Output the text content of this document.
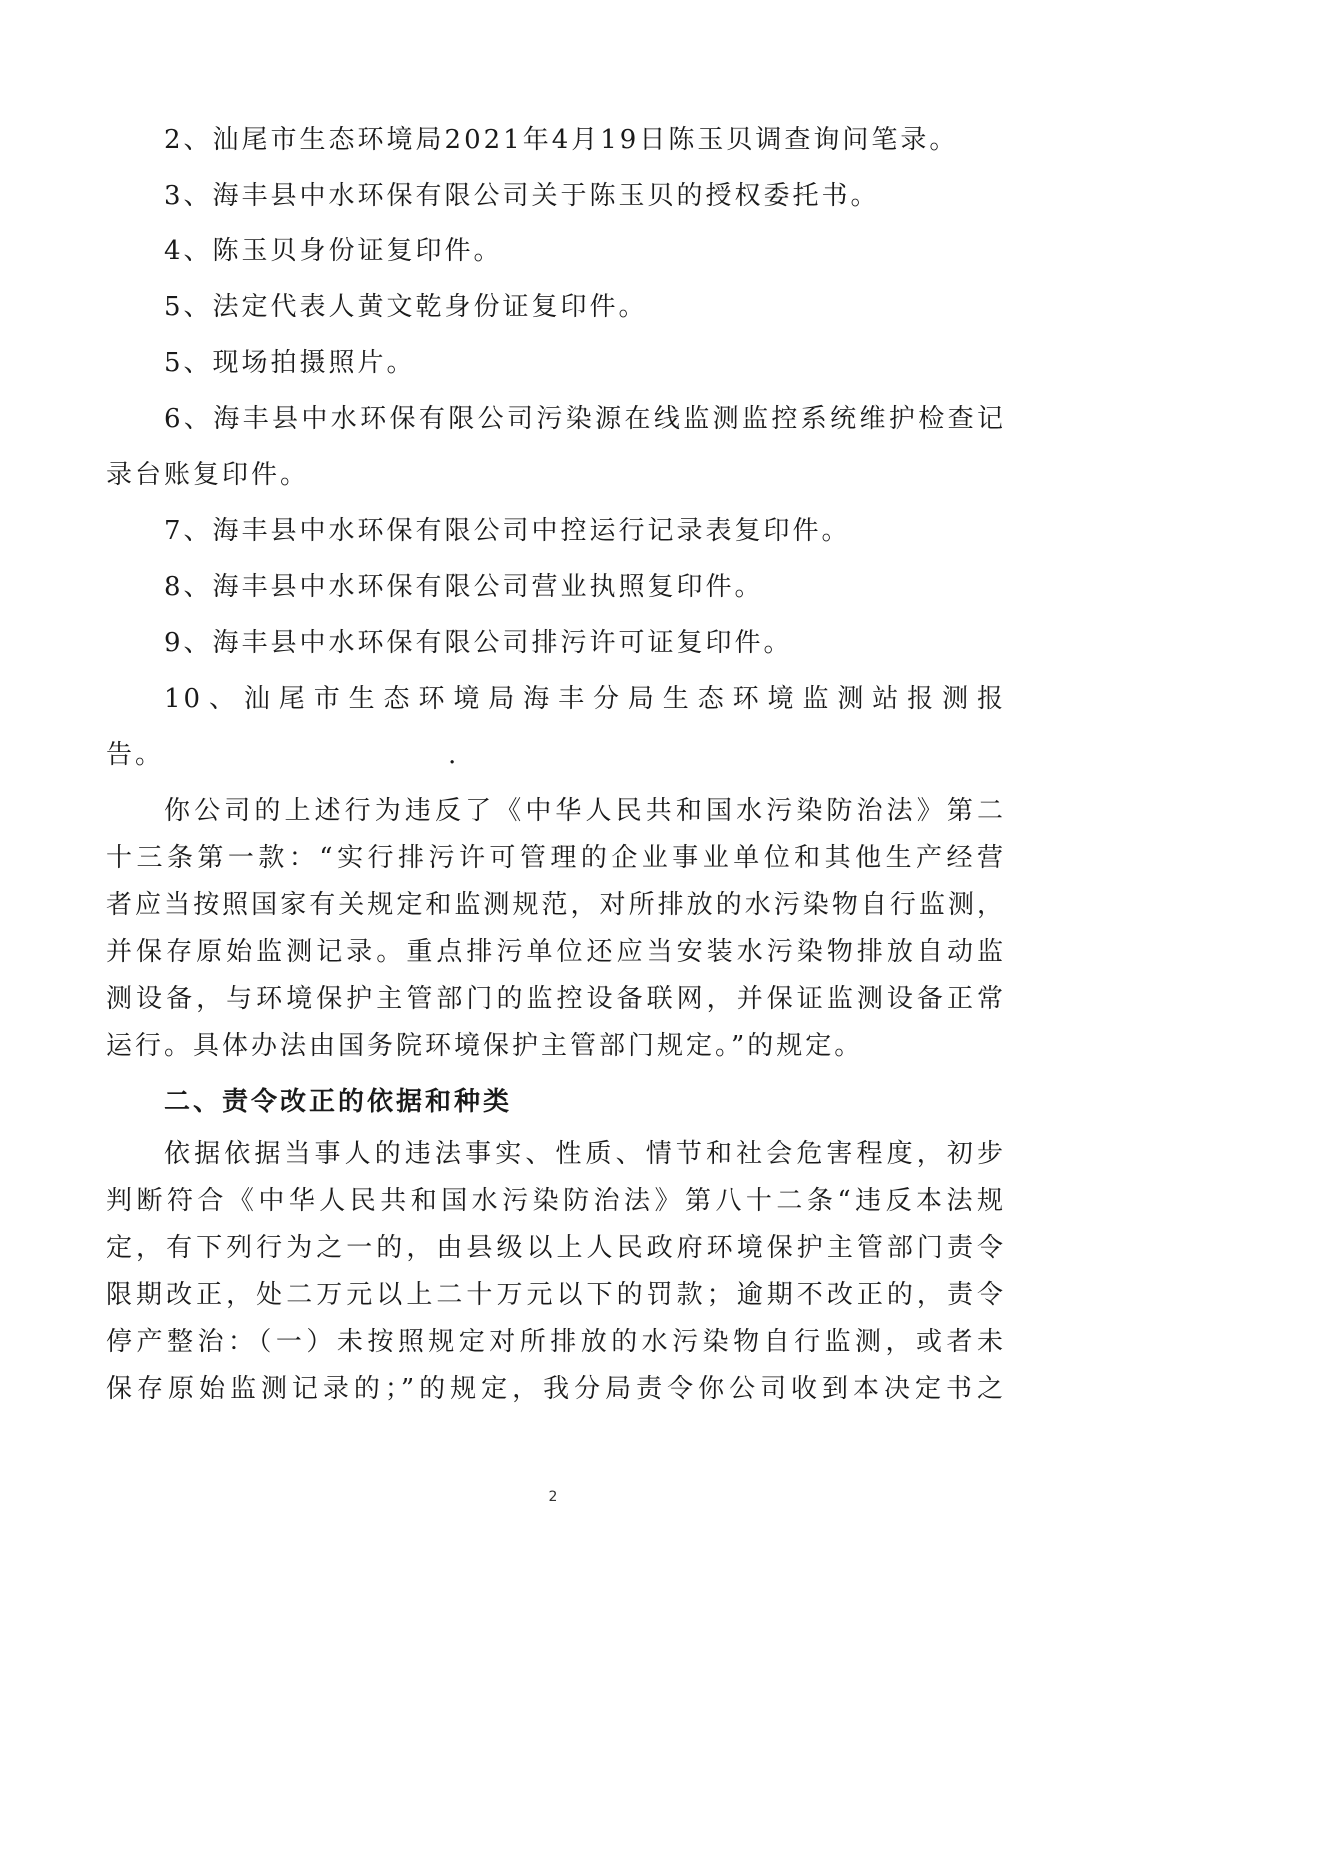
2、汕尾市生态环境局2021年4月19日陈玉贝调查询问笔录。
3、海丰县中水环保有限公司关于陈玉贝的授权委托书。
4、陈玉贝身份证复印件。
5、法定代表人黄文乾身份证复印件。
5、现场拍摄照片。
6、海丰县中水环保有限公司污染源在线监测监控系统维护检查记
录台账复印件。
7、海丰县中水环保有限公司中控运行记录表复印件。
8、海丰县中水环保有限公司营业执照复印件。
9、海丰县中水环保有限公司排污许可证复印件。
10、汕尾市生态环境局海丰分局生态环境监测站报测报
告。	.
你公司的上述行为违反了《中华人民共和国水污染防治法》第二
十三条第一款：“实行排污许可管理的企业事业单位和其他生产经营
者应当按照国家有关规定和监测规范，对所排放的水污染物自行监测，
并保存原始监测记录。重点排污单位还应当安装水污染物排放自动监
测设备，与环境保护主管部门的监控设备联网，并保证监测设备正常
运行。具体办法由国务院环境保护主管部门规定。”的规定。
二、责令改正的依据和种类
依据依据当事人的违法事实、性质、情节和社会危害程度，初步
判断符合《中华人民共和国水污染防治法》第八十二条“违反本法规
定，有下列行为之一的，由县级以上人民政府环境保护主管部门责令
限期改正，处二万元以上二十万元以下的罚款；逾期不改正的，责令
停产整治：（一）未按照规定对所排放的水污染物自行监测，或者未
保存原始监测记录的；”的规定，我分局责令你公司收到本决定书之
2
